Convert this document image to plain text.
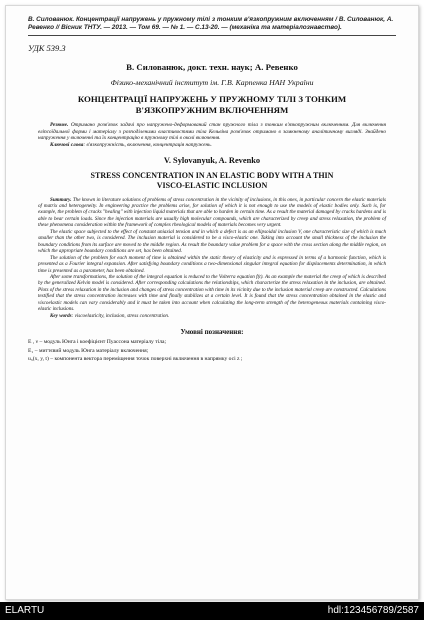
В. Силованюк. Концентрації напружень у пружному тілі з тонким в'язкопружним включенням / В. Силованюк, А. Ревенко // Вісник ТНТУ. — 2013. — Том 69. — № 1. — С.13-20. — (механіка та матеріалознавство).
УДК 539.3
В. Силованюк, докт. техн. наук; А. Ревенко
Фізико-механічний інститут ім. Г.В. Карпенка НАН України
КОНЦЕНТРАЦІЇ НАПРУЖЕНЬ У ПРУЖНОМУ ТІЛІ З ТОНКИМ
В'ЯЗКОПРУЖНИМ ВКЛЮЧЕННЯМ
Резюме. Отримано розв'язок задачі про напружено-деформований стан пружного тіла з тонким в'язкопружним включенням. Для включення еліпсоїдальної форми і матеріалу з розподіленими властивостями тіла Кельвіна розв'язок отримано в замкненому аналітичному вигляді. Знайдено напруження у включенні та їх концентрацію в пружному тілі в околі включення.
Ключові слова: в'язкопружність, включення, концентрація напружень.
V. Sylovanyuk, A. Revenko
STRESS CONCENTRATION IN AN ELASTIC BODY WITH A THIN
VISCO-ELASTIC INCLUSION

Summary. The known in literature solutions of problems of stress concentration in the vicinity of inclusions, in this ones, in particular concern the elastic materials of matrix and heterogeneity. In engineering practice the problems arise, for solution of which it is not enough to use the models of elastic bodies only. Such is, for example, the problem of cracks "healing" with injection liquid materials that are able to harden in certain time. As a result the material damaged by cracks hardens and is able to bear certain loads. Since the injection materials are usually high molecular compounds, which are characterized by creep and stress relaxation, the problem of these phenomena consideration within the framework of complex rheological models of materials becomes very urgent.

The elastic space subjected to the effect of constant uniaxial tension and in which a defect is as an ellipsoidal inclusion V, one characteristic size of which is much smaller than the other two, is considered. The inclusion material is considered to be a visco-elastic one. Taking into account the small thickness of the inclusion the boundary conditions from its surface are moved to the middle region. As result the boundary value problem for a space with the cross section along the middle region, on which the appropriate boundary conditions are set, has been obtained.

The solution of the problem for each moment of time is obtained within the static theory of elasticity and is expressed in terms of a harmonic function, which is presented as a Fourier integral expansion. After satisfying boundary conditions a two-dimensional singular integral equation for displacements determination, in which time is presented as a parameter, has been obtained.

After some transformations, the solution of the integral equation is reduced to the Volterra equation f(t). As an example the material the creep of which is described by the generalized Kelvin model is considered. After corresponding calculations the relationships, which characterize the stress relaxation in the inclusion, are obtained. Plots of the stress relaxation in the inclusion and changes of stress concentration with time in its vicinity due to the inclusion material creep are constructed. Calculations testified that the stress concentration increases with time and finally stabilizes at a certain level. It is found that the stress concentration obtained in the elastic and viscoelastic models can vary considerably and it must be taken into account when calculating the long-term strength of the heterogeneous materials containing visco-elastic inclusions.

Key words: viscoelasticity, inclusion, stress concentration.
Умовні позначення:
E , ν – модуль Юнга і коефіцієнт Пуассона матеріалу тіла;
E₁ – миттєвий модуль Юнга матеріалу включення;
u₃(x, y, t) – компонента вектора переміщення точок поверхні включення в напрямку осі z ;
ELARTU	hdl:123456789/2587
